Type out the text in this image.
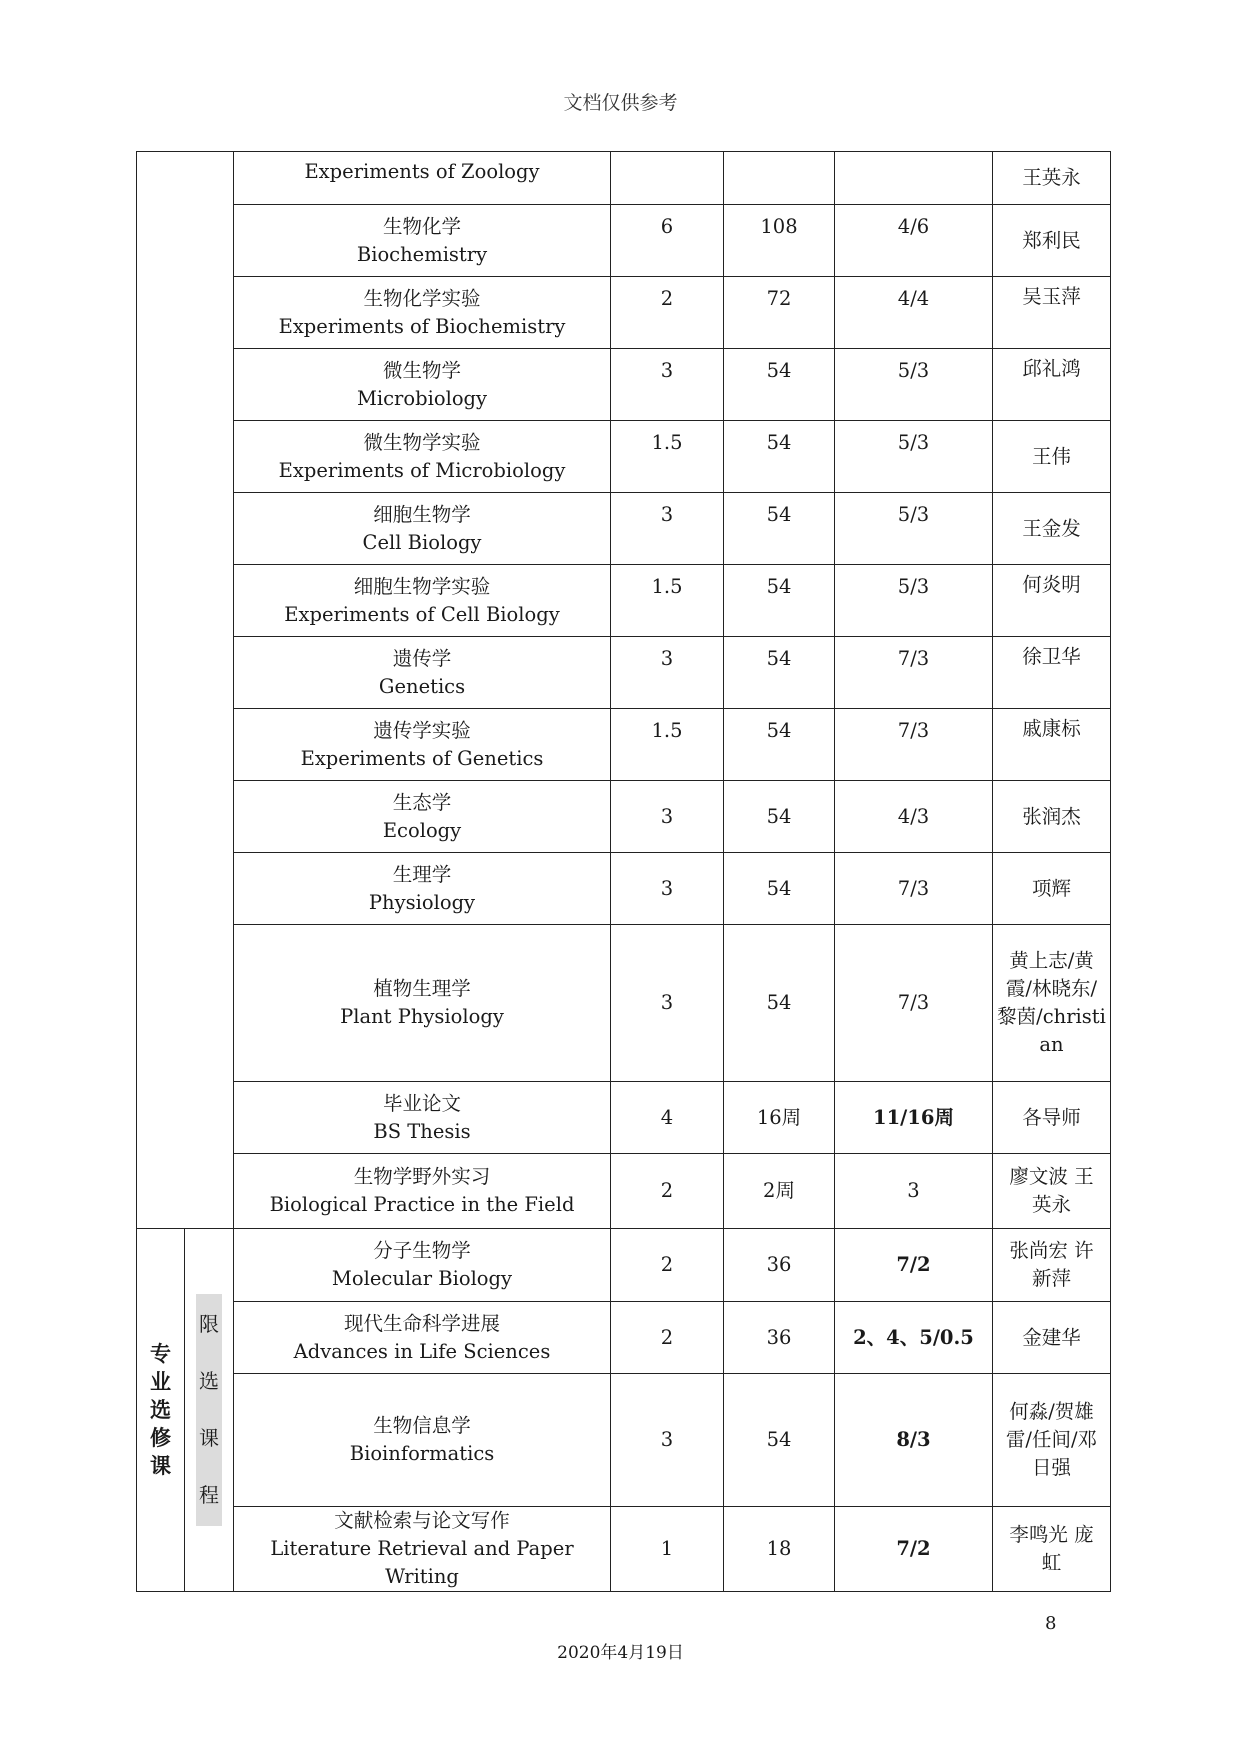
文档仅供参考

		Experiments of Zoology				王英永

		生物化学
Biochemistry	6	108	4/6	郑利民

		生物化学实验
Experiments of Biochemistry	2	72	4/4	吴玉萍

		微生物学
Microbiology	3	54	5/3	邱礼鸿

		微生物学实验
Experiments of Microbiology	1.5	54	5/3	王伟

		细胞生物学
Cell Biology	3	54	5/3	王金发

		细胞生物学实验
Experiments of Cell Biology	1.5	54	5/3	何炎明

		遗传学
Genetics	3	54	7/3	徐卫华

		遗传学实验
Experiments of Genetics	1.5	54	7/3	戚康标

		生态学
Ecology	3	54	4/3	张润杰

		生理学
Physiology	3	54	7/3	项辉

		植物生理学
Plant Physiology	3	54	7/3	黄上志/黄霞/林晓东/黎茵/christian

		毕业论文
BS Thesis	4	16周	11/16周	各导师

		生物学野外实习
Biological Practice in the Field	2	2周	3	廖文波 王英永

专
业
选
修
课	限
选
课
程	分子生物学
Molecular Biology	2	36	7/2	张尚宏 许新萍

		现代生命科学进展
Advances in Life Sciences	2	36	2、4、5/0.5	金建华

		生物信息学
Bioinformatics	3	54	8/3	何淼/贺雄雷/任间/邓日强

		文献检索与论文写作
Literature Retrieval and Paper Writing	1	18	7/2	李鸣光 庞虹
8
2020年4月19日
